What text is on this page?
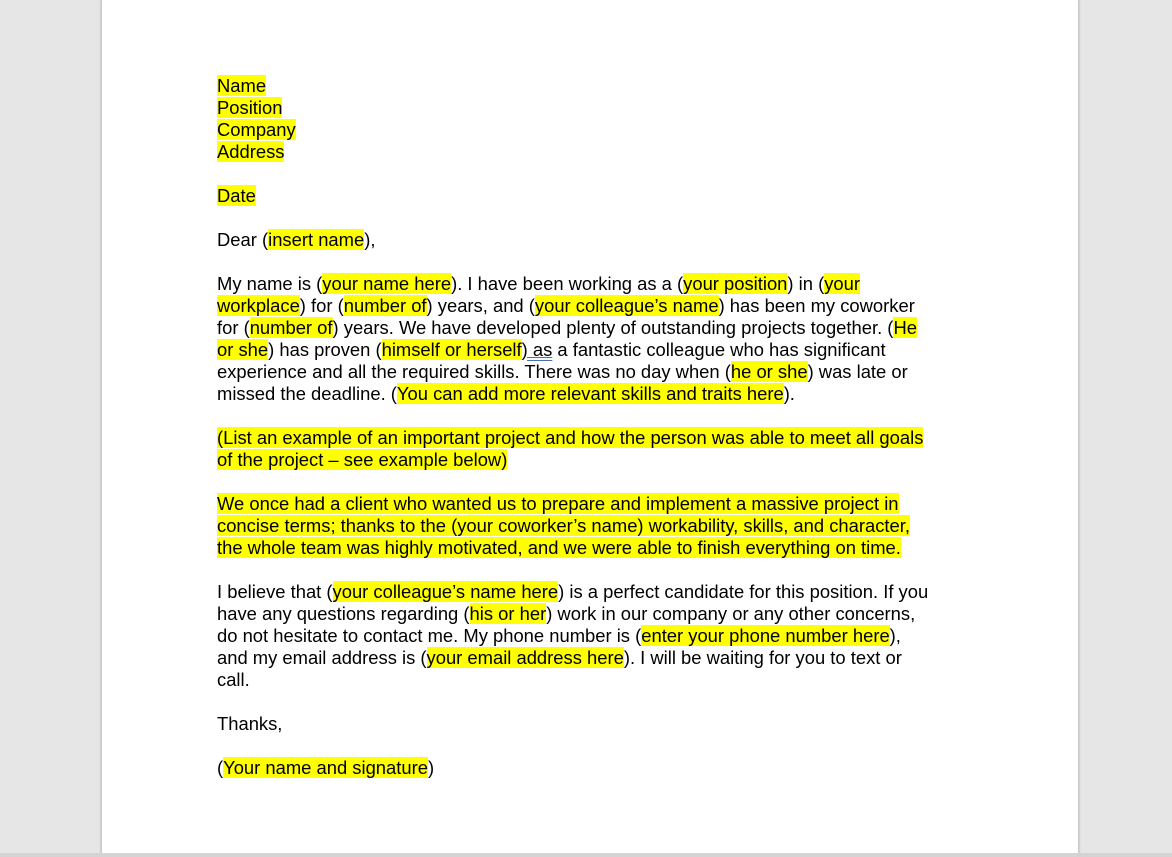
Name
Position
Company
Address
Date
Dear (insert name),
My name is (your name here). I have been working as a (your position) in (your
workplace) for (number of) years, and (your colleague’s name) has been my coworker
for (number of) years. We have developed plenty of outstanding projects together. (He
or she) has proven (himself or herself) as a fantastic colleague who has significant
experience and all the required skills. There was no day when (he or she) was late or
missed the deadline. (You can add more relevant skills and traits here).
(List an example of an important project and how the person was able to meet all goals
of the project – see example below)
We once had a client who wanted us to prepare and implement a massive project in
concise terms; thanks to the (your coworker’s name) workability, skills, and character,
the whole team was highly motivated, and we were able to finish everything on time.
I believe that (your colleague’s name here) is a perfect candidate for this position. If you
have any questions regarding (his or her) work in our company or any other concerns,
do not hesitate to contact me. My phone number is (enter your phone number here),
and my email address is (your email address here). I will be waiting for you to text or
call.
Thanks,
(Your name and signature)
